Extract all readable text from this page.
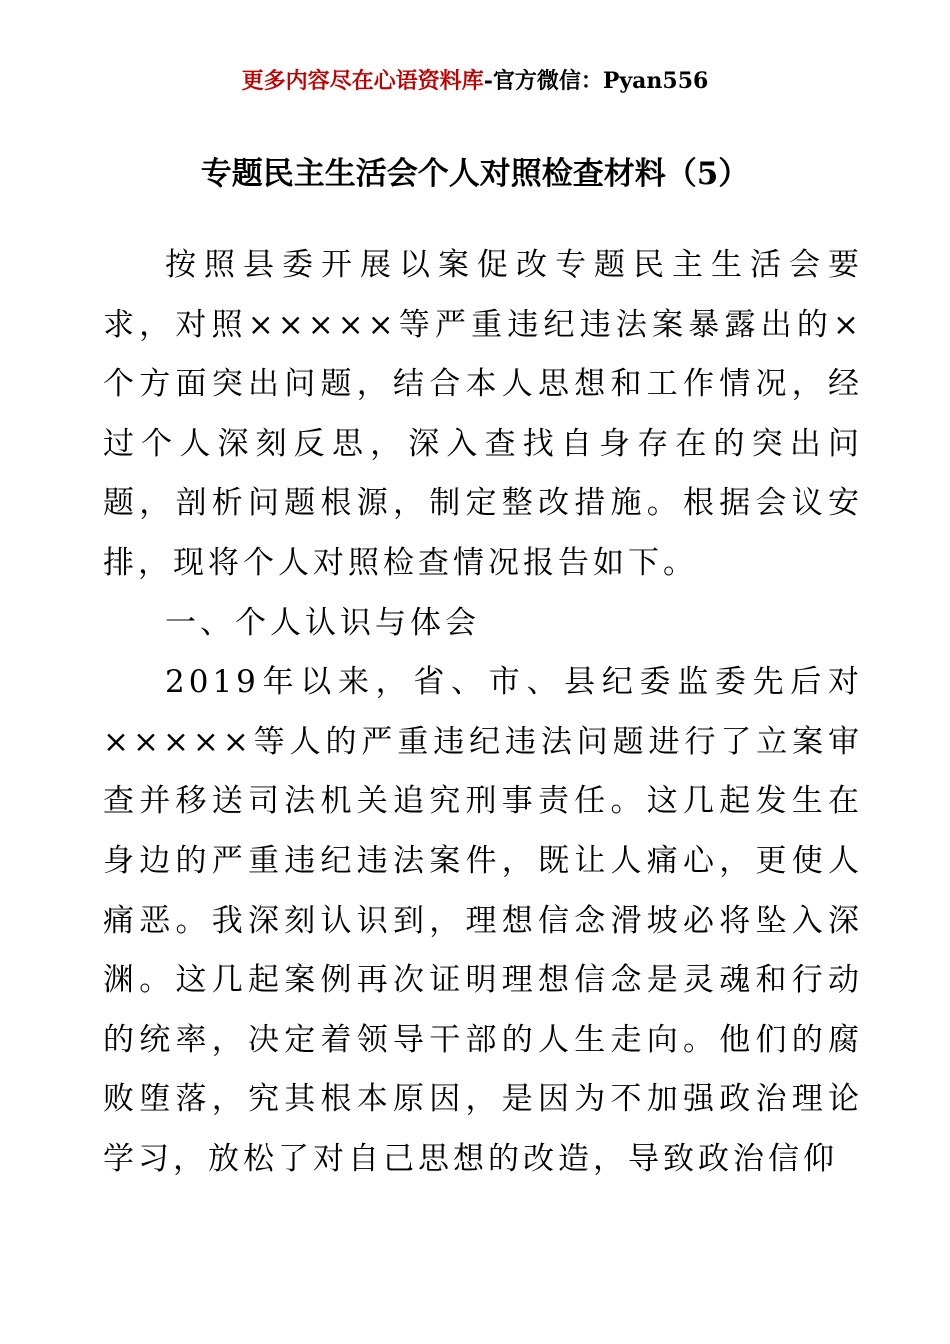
更多内容尽在心语资料库-官方微信：Pyan556
专题民主生活会个人对照检查材料（5）

按照县委开展以案促改专题民主生活会要求，对照×××××等严重违纪违法案暴露出的×个方面突出问题，结合本人思想和工作情况，经过个人深刻反思，深入查找自身存在的突出问题，剖析问题根源，制定整改措施。根据会议安排，现将个人对照检查情况报告如下。

一、个人认识与体会

2019年以来，省、市、县纪委监委先后对×××××等人的严重违纪违法问题进行了立案审查并移送司法机关追究刑事责任。这几起发生在身边的严重违纪违法案件，既让人痛心，更使人痛恶。我深刻认识到，理想信念滑坡必将坠入深渊。这几起案例再次证明理想信念是灵魂和行动的统率，决定着领导干部的人生走向。他们的腐败堕落，究其根本原因，是因为不加强政治理论学习，放松了对自己思想的改造，导致政治信仰
